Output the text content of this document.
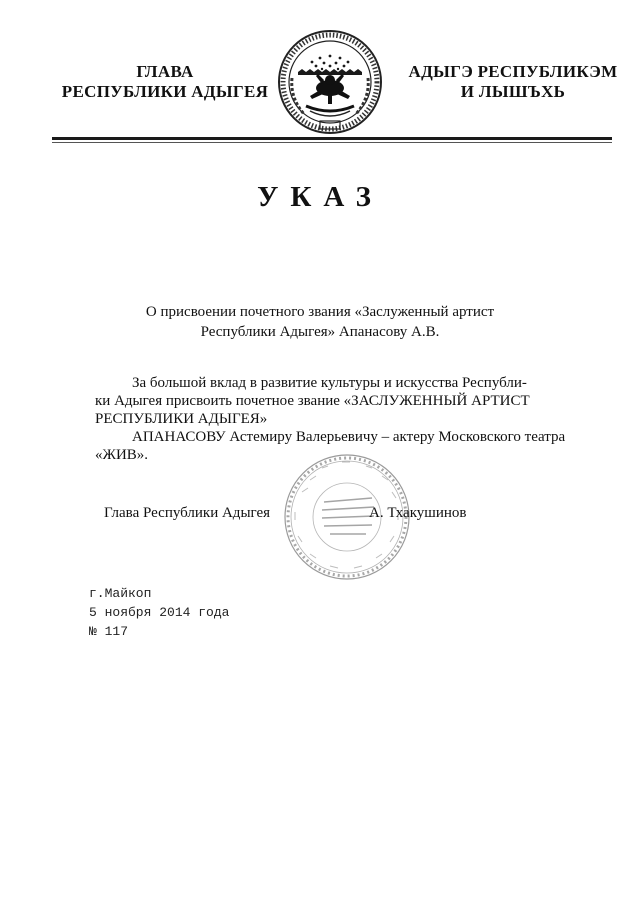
ГЛАВА
РЕСПУБЛИКИ АДЫГЕЯ
АДЫГЭ РЕСПУБЛИКЭМ
И ЛЫШЪХЬ
УКАЗ
О присвоении почетного звания «Заслуженный артист
Республики Адыгея» Апанасову А.В.

За большой вклад в развитие культуры и искусства Республи-

ки Адыгея присвоить почетное звание «ЗАСЛУЖЕННЫЙ АРТИСТ

РЕСПУБЛИКИ АДЫГЕЯ»

АПАНАСОВУ Астемиру Валерьевичу – актеру Московского театра

«ЖИВ».

Глава Республики Адыгея	А. Тхакушинов
г.Майкоп
5 ноября 2014 года
№ 117
